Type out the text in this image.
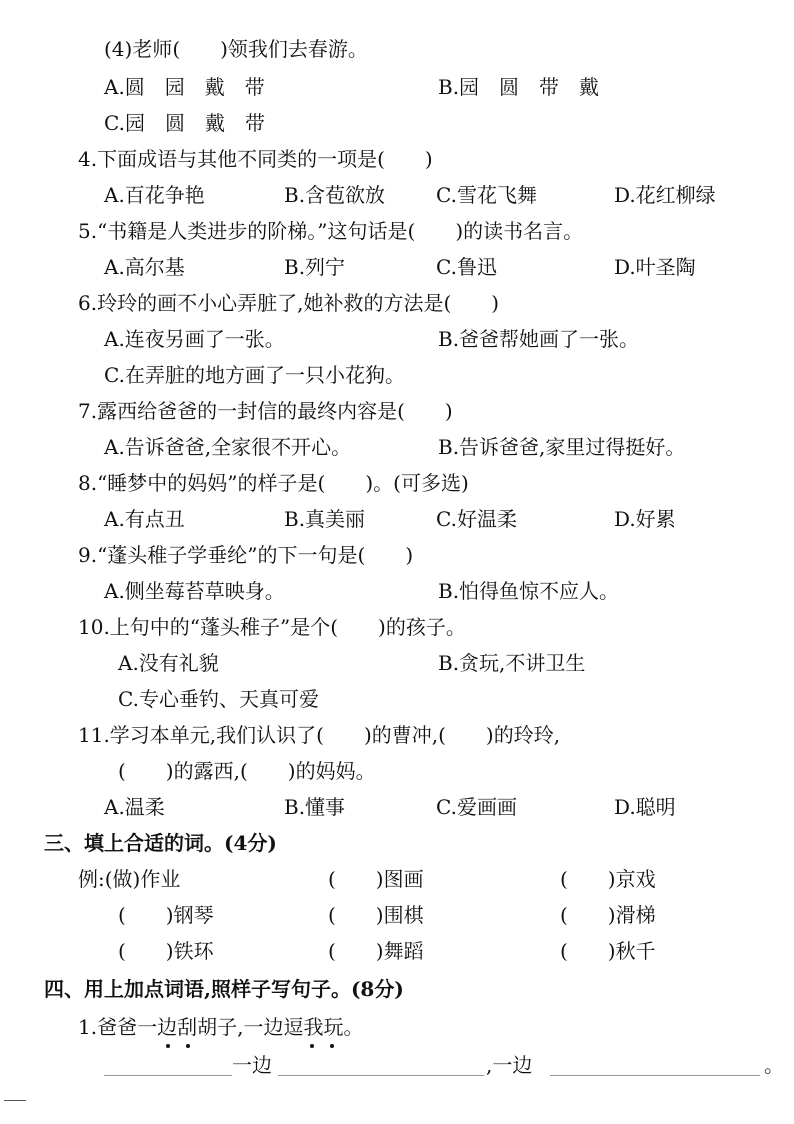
(4)老师(　　)领我们去春游。
A.圆　园　戴　带	B.园　圆　带　戴
C.园　圆　戴　带
4.下面成语与其他不同类的一项是(　　)
A.百花争艳	B.含苞欲放	C.雪花飞舞	D.花红柳绿
5.“书籍是人类进步的阶梯。”这句话是(　　)的读书名言。
A.高尔基	B.列宁	C.鲁迅	D.叶圣陶
6.玲玲的画不小心弄脏了,她补救的方法是(　　)
A.连夜另画了一张。	B.爸爸帮她画了一张。
C.在弄脏的地方画了一只小花狗。
7.露西给爸爸的一封信的最终内容是(　　)
A.告诉爸爸,全家很不开心。	B.告诉爸爸,家里过得挺好。
8.“睡梦中的妈妈”的样子是(　　)。(可多选)
A.有点丑	B.真美丽	C.好温柔	D.好累
9.“蓬头稚子学垂纶”的下一句是(　　)
A.侧坐莓苔草映身。	B.怕得鱼惊不应人。
10.上句中的“蓬头稚子”是个(　　)的孩子。
A.没有礼貌	B.贪玩,不讲卫生
C.专心垂钓、天真可爱
11.学习本单元,我们认识了(　　)的曹冲,(　　)的玲玲,
(　　)的露西,(　　)的妈妈。
A.温柔	B.懂事	C.爱画画	D.聪明
三、填上合适的词。(4分)
例:(做)作业	(　　)图画	(　　)京戏
(　　)钢琴	(　　)围棋	(　　)滑梯
(　　)铁环	(　　)舞蹈	(　　)秋千
四、用上加点词语,照样子写句子。(8分)
1.爸爸一边刮胡子,一边逗我玩。
一边	,一边	。
